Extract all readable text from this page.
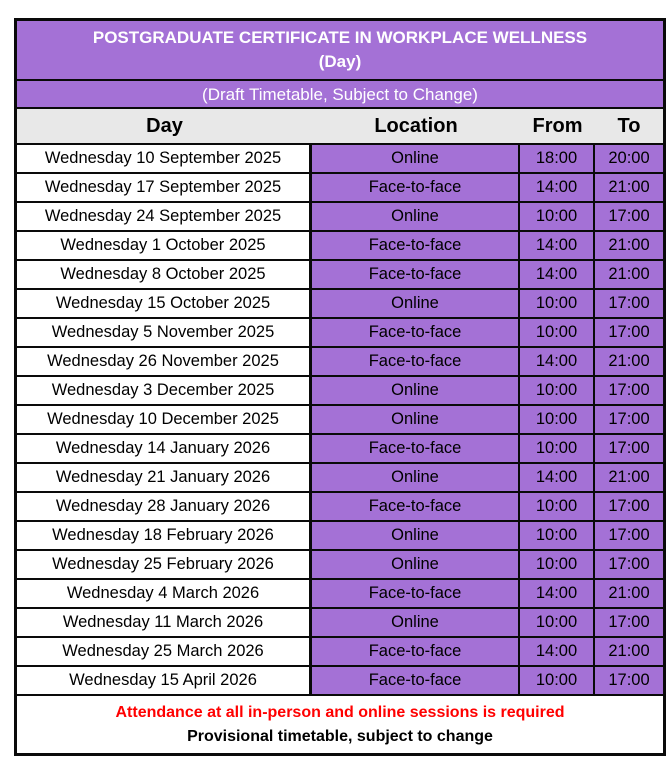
POSTGRADUATE CERTIFICATE IN WORKPLACE WELLNESS
(Day)
(Draft Timetable, Subject to Change)
Day	Location	From	To
Wednesday 10 September 2025	Online	18:00	20:00
Wednesday 17 September 2025	Face-to-face	14:00	21:00
Wednesday 24 September 2025	Online	10:00	17:00
Wednesday 1 October 2025	Face-to-face	14:00	21:00
Wednesday 8 October 2025	Face-to-face	14:00	21:00
Wednesday 15 October 2025	Online	10:00	17:00
Wednesday 5 November 2025	Face-to-face	10:00	17:00
Wednesday 26 November 2025	Face-to-face	14:00	21:00
Wednesday 3 December 2025	Online	10:00	17:00
Wednesday 10 December 2025	Online	10:00	17:00
Wednesday 14 January 2026	Face-to-face	10:00	17:00
Wednesday 21 January 2026	Online	14:00	21:00
Wednesday 28 January 2026	Face-to-face	10:00	17:00
Wednesday 18 February 2026	Online	10:00	17:00
Wednesday 25 February 2026	Online	10:00	17:00
Wednesday 4 March 2026	Face-to-face	14:00	21:00
Wednesday 11 March 2026	Online	10:00	17:00
Wednesday 25 March 2026	Face-to-face	14:00	21:00
Wednesday 15 April 2026	Face-to-face	10:00	17:00
Attendance at all in-person and online sessions is required
Provisional timetable, subject to change
